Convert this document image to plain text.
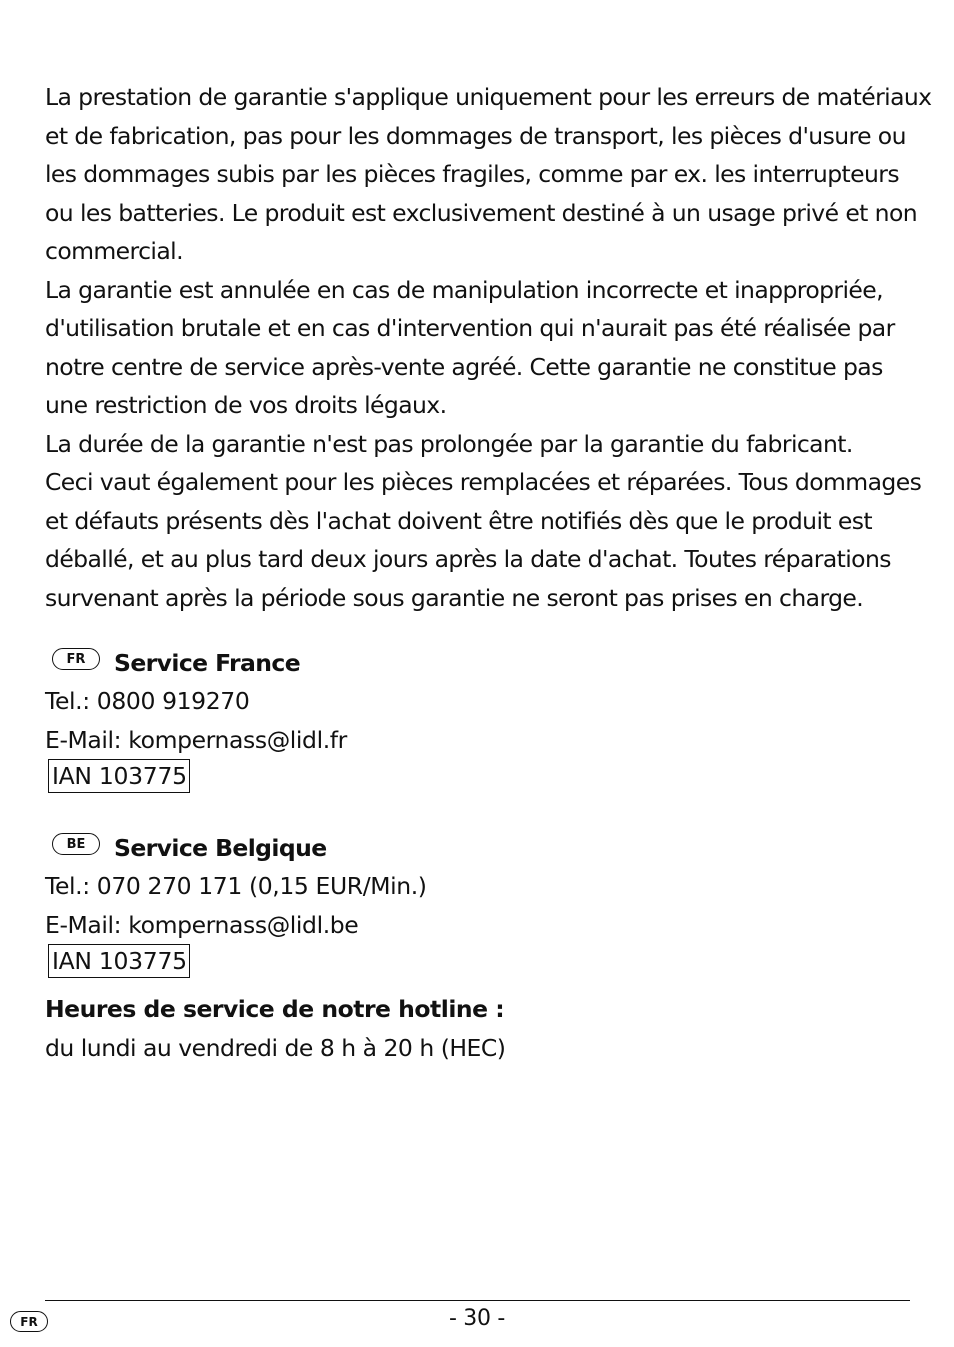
La prestation de garantie s'applique uniquement pour les erreurs de matériaux
et de fabrication, pas pour les dommages de transport, les pièces d'usure ou
les dommages subis par les pièces fragiles, comme par ex. les interrupteurs
ou les batteries. Le produit est exclusivement destiné à un usage privé et non
commercial.
La garantie est annulée en cas de manipulation incorrecte et inappropriée,
d'utilisation brutale et en cas d'intervention qui n'aurait pas été réalisée par
notre centre de service après-vente agréé. Cette garantie ne constitue pas
une restriction de vos droits légaux.
La durée de la garantie n'est pas prolongée par la garantie du fabricant.
Ceci vaut également pour les pièces remplacées et réparées. Tous dommages
et défauts présents dès l'achat doivent être notifiés dès que le produit est
déballé, et au plus tard deux jours après la date d'achat. Toutes réparations
survenant après la période sous garantie ne seront pas prises en charge.

FR	Service France
Tel.: 0800 919270
E-Mail: kompernass@lidl.fr
IAN 103775
BE	Service Belgique
Tel.: 070 270 171 (0,15 EUR/Min.)
E-Mail: kompernass@lidl.be
IAN 103775
Heures de service de notre hotline :
du lundi au vendredi de 8 h à 20 h (HEC)
FR	- 30 -
